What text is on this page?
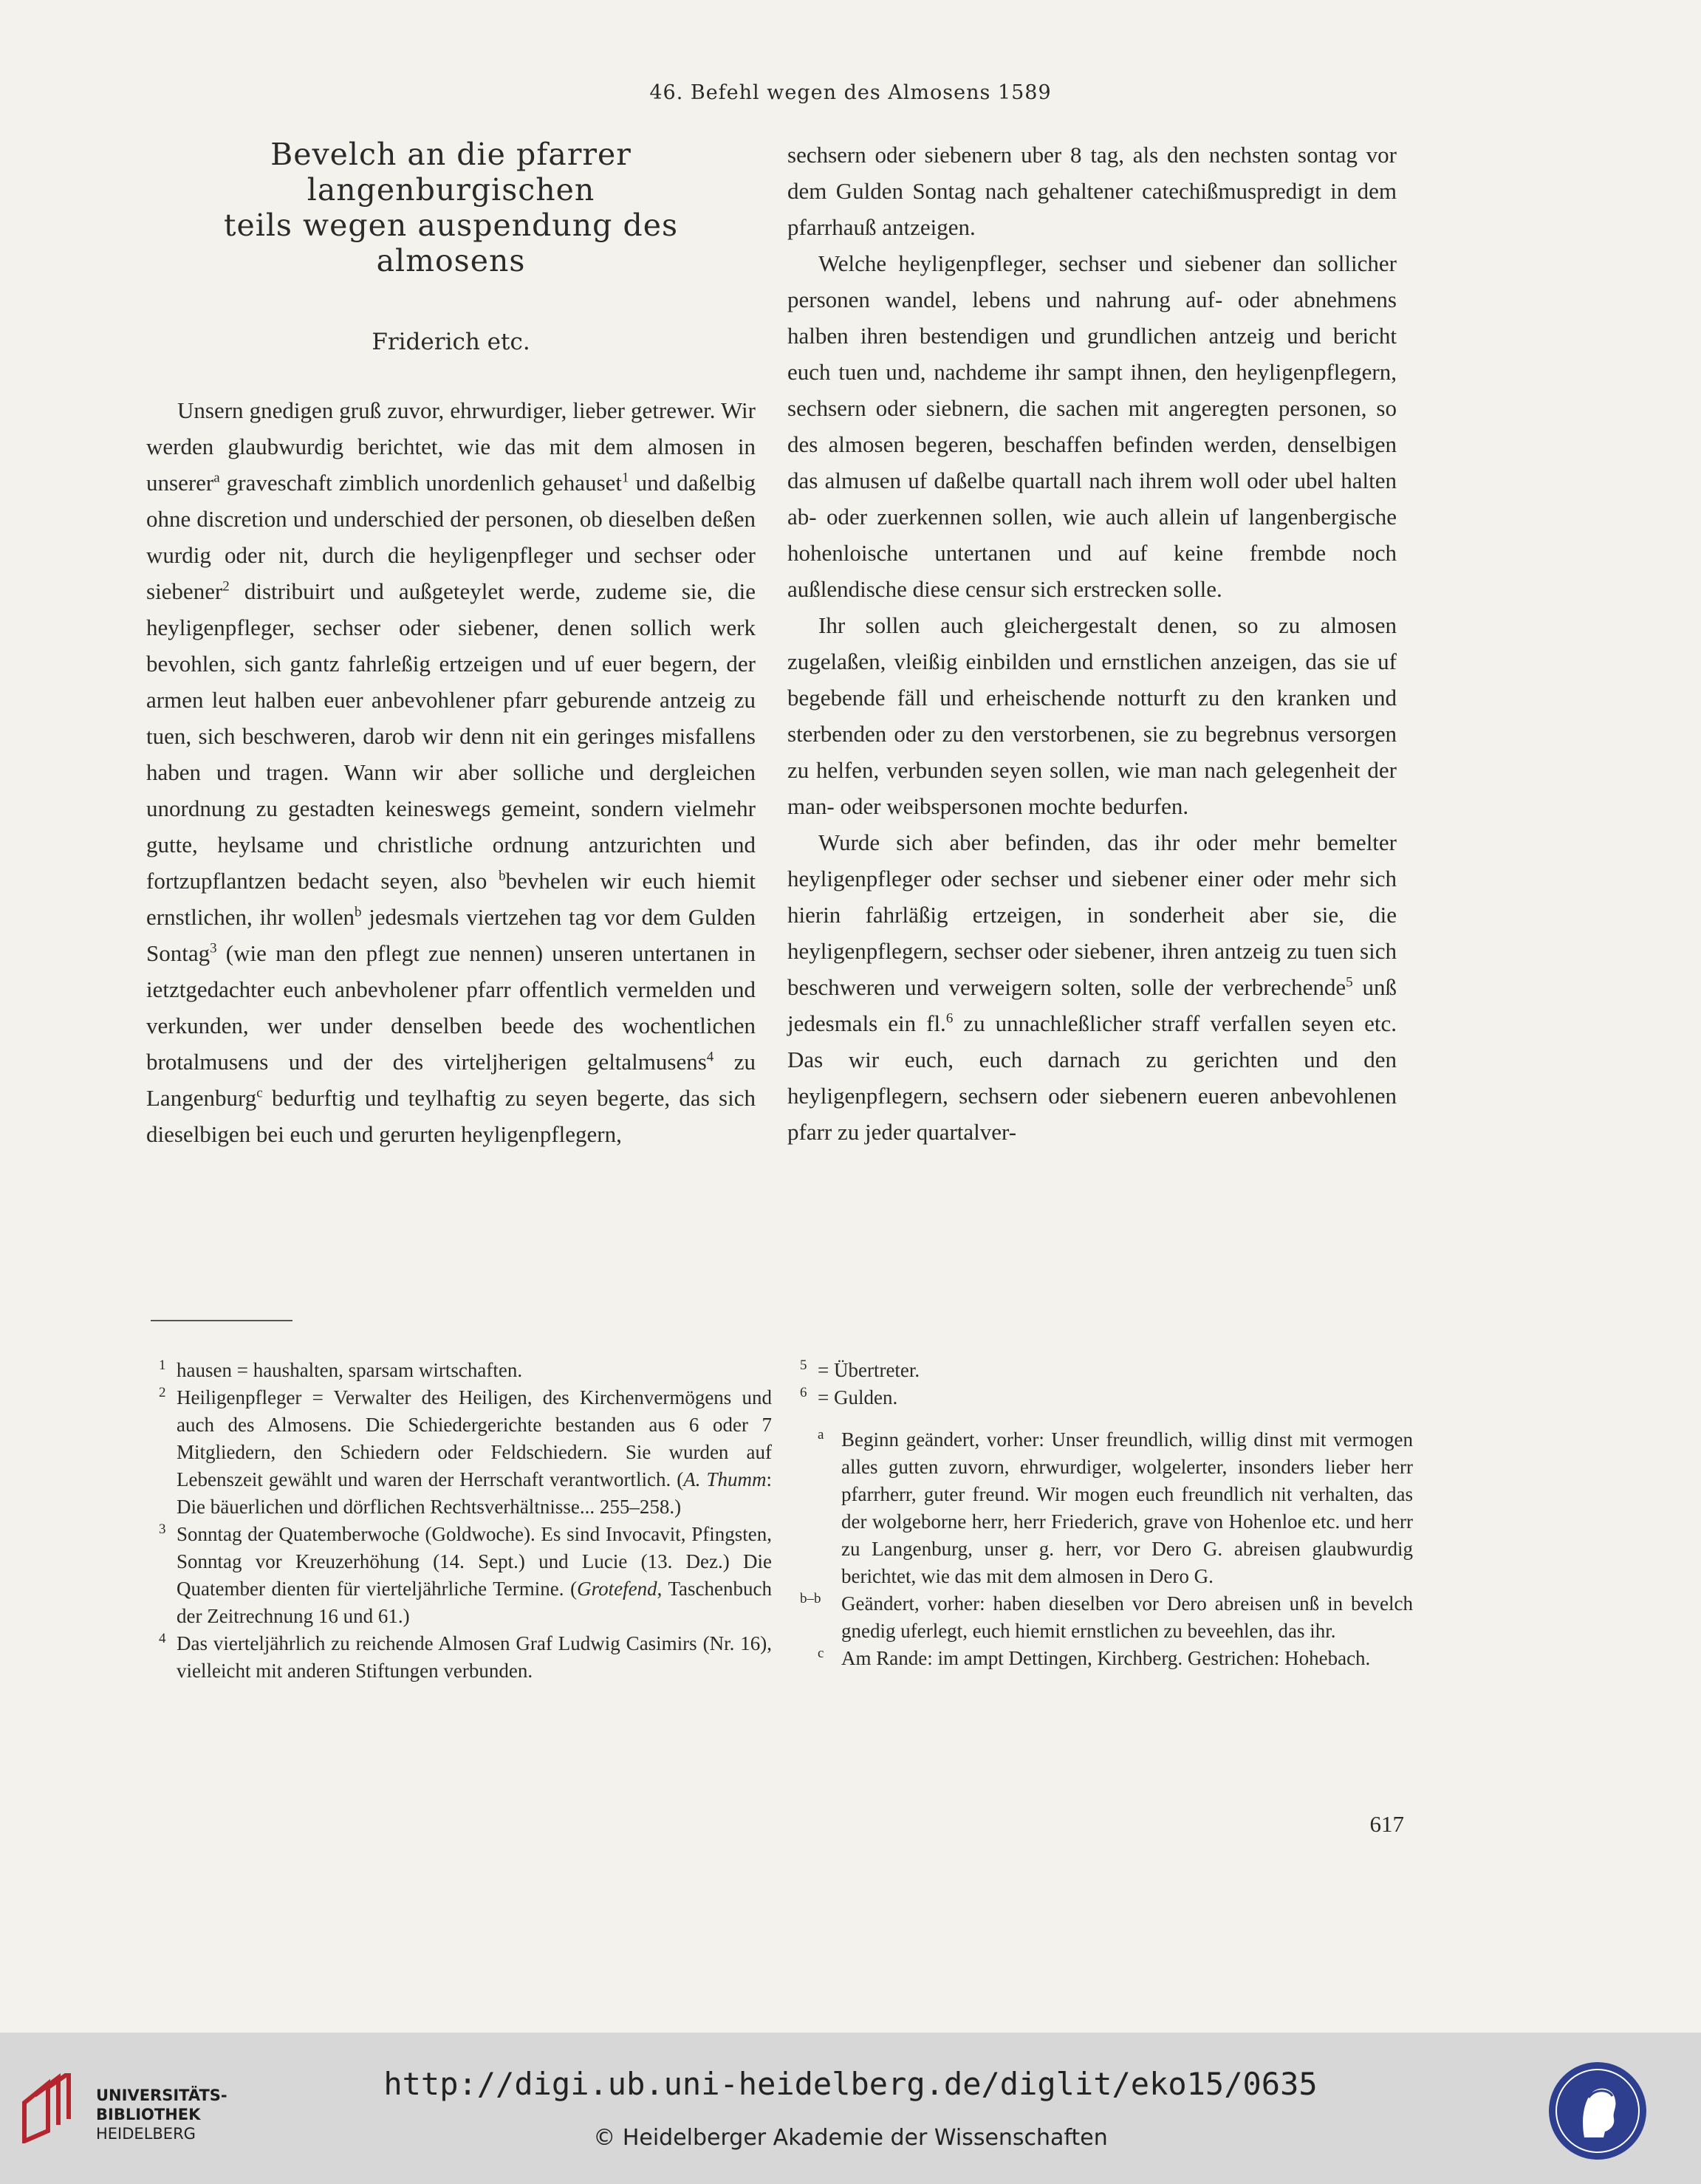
46. Befehl wegen des Almosens 1589
Bevelch an die pfarrer langenburgischen
teils wegen auspendung des almosens
Friderich etc.

Unsern gnedigen gruß zuvor, ehrwurdiger, lieber getrewer. Wir werden glaubwurdig berichtet, wie das mit dem almosen in unserer$^a$ graveschaft zimblich unordenlich gehauset$^1$ und daßelbig ohne discretion und underschied der personen, ob dieselben deßen wurdig oder nit, durch die heyligenpfleger und sechser oder siebener$^2$ distribuirt und außgeteylet werde, zudeme sie, die heyligenpfleger, sechser oder siebener, denen sollich werk bevohlen, sich gantz fahrleßig ertzeigen und uf euer begern, der armen leut halben euer anbevohlener pfarr geburende antzeig zu tuen, sich beschweren, darob wir denn nit ein geringes misfallens haben und tragen. Wann wir aber solliche und dergleichen unordnung zu gestadten keineswegs gemeint, sondern vielmehr gutte, heylsame und christliche ordnung antzurichten und fortzupflantzen bedacht seyen, also $^b$bevhelen wir euch hiemit ernstlichen, ihr wollen$^b$ jedesmals viertzehen tag vor dem Gulden Sontag$^3$ (wie man den pflegt zue nennen) unseren untertanen in ietztgedachter euch anbevholener pfarr offentlich vermelden und verkunden, wer under denselben beede des wochentlichen brotalmusens und der des virteljherigen geltalmusens$^4$ zu Langenburg$^c$ bedurftig und teylhaftig zu seyen begerte, das sich dieselbigen bei euch und gerurten heyligenpflegern,

sechsern oder siebenern uber 8 tag, als den nechsten sontag vor dem Gulden Sontag nach gehaltener catechißmuspredigt in dem pfarrhauß antzeigen.

Welche heyligenpfleger, sechser und siebener dan sollicher personen wandel, lebens und nahrung auf- oder abnehmens halben ihren bestendigen und grundlichen antzeig und bericht euch tuen und, nachdeme ihr sampt ihnen, den heyligenpflegern, sechsern oder siebnern, die sachen mit angeregten personen, so des almosen begeren, beschaffen befinden werden, denselbigen das almusen uf daßelbe quartall nach ihrem woll oder ubel halten ab- oder zuerkennen sollen, wie auch allein uf langenbergische hohenloische untertanen und auf keine frembde noch außlendische diese censur sich erstrecken solle.

Ihr sollen auch gleichergestalt denen, so zu almosen zugelaßen, vleißig einbilden und ernstlichen anzeigen, das sie uf begebende fäll und erheischende notturft zu den kranken und sterbenden oder zu den verstorbenen, sie zu begrebnus versorgen zu helfen, verbunden seyen sollen, wie man nach gelegenheit der man- oder weibspersonen mochte bedurfen.

Wurde sich aber befinden, das ihr oder mehr bemelter heyligenpfleger oder sechser und siebener einer oder mehr sich hierin fahrläßig ertzeigen, in sonderheit aber sie, die heyligenpflegern, sechser oder siebener, ihren antzeig zu tuen sich beschweren und verweigern solten, solle der verbrechende$^5$ unß jedesmals ein fl.$^6$ zu unnachleßlicher straff verfallen seyen etc. Das wir euch, euch darnach zu gerichten und den heyligenpflegern, sechsern oder siebenern eueren anbevohlenen pfarr zu jeder quartalver-

1 hausen = haushalten, sparsam wirtschaften.

2 Heiligenpfleger = Verwalter des Heiligen, des Kirchenvermögens und auch des Almosens. Die Schiedergerichte bestanden aus 6 oder 7 Mitgliedern, den Schiedern oder Feldschiedern. Sie wurden auf Lebenszeit gewählt und waren der Herrschaft verantwortlich. (A. Thumm: Die bäuerlichen und dörflichen Rechtsverhältnisse... 255–258.)

3 Sonntag der Quatemberwoche (Goldwoche). Es sind Invocavit, Pfingsten, Sonntag vor Kreuzerhöhung (14. Sept.) und Lucie (13. Dez.) Die Quatember dienten für vierteljährliche Termine. (Grotefend, Taschenbuch der Zeitrechnung 16 und 61.)

4 Das vierteljährlich zu reichende Almosen Graf Ludwig Casimirs (Nr. 16), vielleicht mit anderen Stiftungen verbunden.

5 = Übertreter.

6 = Gulden.

a Beginn geändert, vorher: Unser freundlich, willig dinst mit vermogen alles gutten zuvorn, ehrwurdiger, wolgelerter, insonders lieber herr pfarrherr, guter freund. Wir mogen euch freundlich nit verhalten, das der wolgeborne herr, herr Friederich, grave von Hohenloe etc. und herr zu Langenburg, unser g. herr, vor Dero G. abreisen glaubwurdig berichtet, wie das mit dem almosen in Dero G.

b–b Geändert, vorher: haben dieselben vor Dero abreisen unß in bevelch gnedig uferlegt, euch hiemit ernstlichen zu beveehlen, das ihr.

c Am Rande: im ampt Dettingen, Kirchberg. Gestrichen: Hohebach.

617
UNIVERSITÄTS-
BIBLIOTHEK
HEIDELBERG
http://digi.ub.uni-heidelberg.de/diglit/eko15/0635
© Heidelberger Akademie der Wissenschaften
